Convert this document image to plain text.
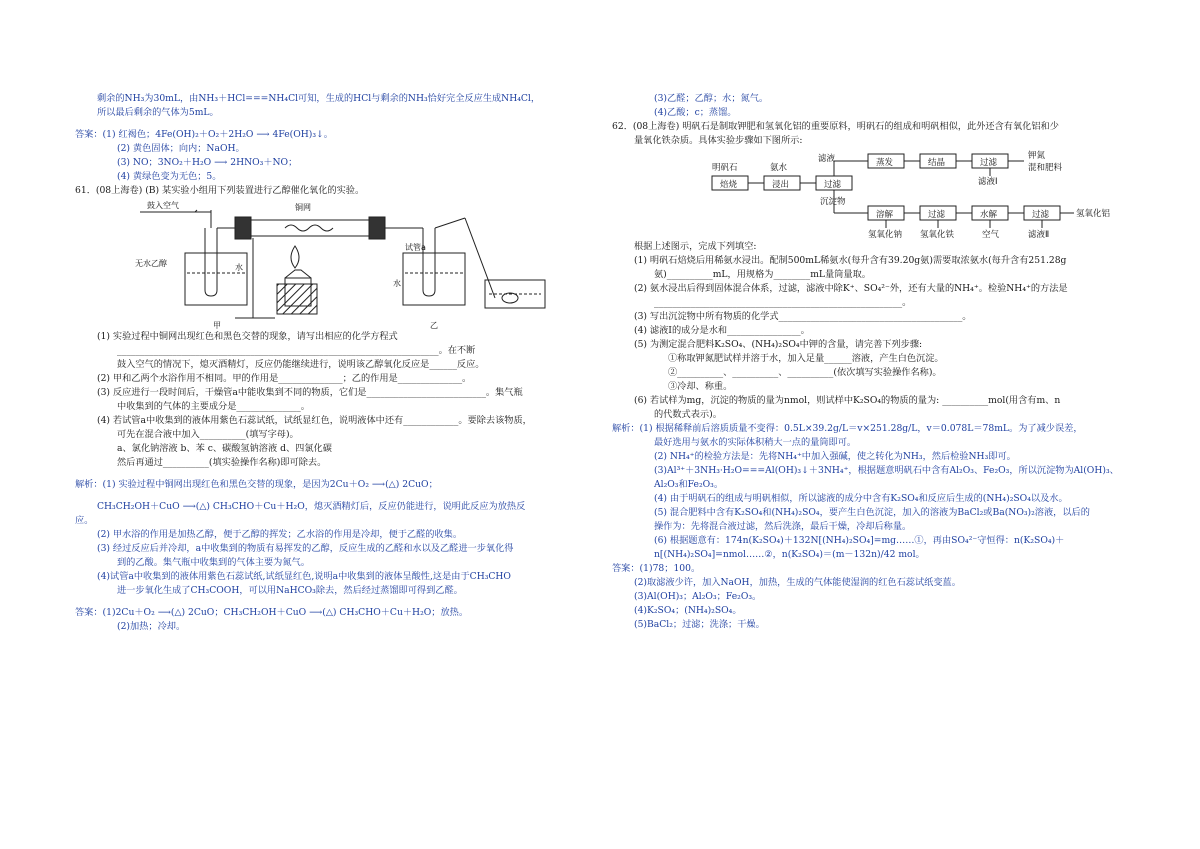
剩余的NH₃为30mL，由NH₃＋HCl===NH₄Cl可知，生成的HCl与剩余的NH₃恰好完全反应生成NH₄Cl，
所以最后剩余的气体为5mL。
答案：(1) 红褐色；4Fe(OH)₂＋O₂＋2H₂O ⟶ 4Fe(OH)₃↓。
(2) 黄色固体；向内；NaOH。
(3) NO；3NO₂＋H₂O ⟶ 2HNO₃＋NO；
(4) 黄绿色变为无色；5。
61．(08上海卷) (B) 某实验小组用下列装置进行乙醇催化氧化的实验。
鼓入空气	铜网
试管a
无水乙醇	水
水
甲	乙
(1) 实验过程中铜网出现红色和黑色交替的现象，请写出相应的化学方程式
______________________________________________________________________。在不断
鼓入空气的情况下，熄灭酒精灯，反应仍能继续进行，说明该乙醇氧化反应是______反应。
(2) 甲和乙两个水浴作用不相同。甲的作用是______________；乙的作用是______________。
(3) 反应进行一段时间后，干燥管a中能收集到不同的物质，它们是__________________________。集气瓶
中收集到的气体的主要成分是______________。
(4) 若试管a中收集到的液体用紫色石蕊试纸，试纸显红色，说明液体中还有____________。要除去该物质，
可先在混合液中加入__________(填写字母)。
a、氯化钠溶液 b、苯 c、碳酸氢钠溶液 d、四氯化碳
然后再通过__________(填实验操作名称)即可除去。
解析：(1) 实验过程中铜网出现红色和黑色交替的现象，是因为2Cu＋O₂ ⟶(△) 2CuO；
CH₃CH₂OH＋CuO ⟶(△) CH₃CHO＋Cu＋H₂O，熄灭酒精灯后，反应仍能进行，说明此反应为放热反
应。
(2) 甲水浴的作用是加热乙醇，便于乙醇的挥发；乙水浴的作用是冷却，便于乙醛的收集。
(3) 经过反应后并冷却，a中收集到的物质有易挥发的乙醇，反应生成的乙醛和水以及乙醛进一步氧化得
到的乙酸。集气瓶中收集到的气体主要为氮气。
(4)试管a中收集到的液体用紫色石蕊试纸,试纸显红色,说明a中收集到的液体呈酸性,这是由于CH₃CHO
进一步氧化生成了CH₃COOH，可以用NaHCO₃除去，然后经过蒸馏即可得到乙醛。
答案：(1)2Cu＋O₂ ⟶(△) 2CuO；CH₃CH₂OH＋CuO ⟶(△) CH₃CHO＋Cu＋H₂O；放热。
(2)加热；冷却。
(3)乙醛；乙醇；水；氮气。
(4)乙酸；c；蒸馏。
62．(08上海卷) 明矾石是制取钾肥和氢氧化铝的重要原料，明矾石的组成和明矾相似，此外还含有氧化铝和少
量氧化铁杂质。具体实验步骤如下图所示:
明矾石	氨水
滤液	钾氮
混和肥料
焙烧	浸出	过滤
蒸发	结晶	过滤
溶解	过滤	水解	过滤
滤液Ⅰ
沉淀物
氢氧化钠 氢氧化铁	空气	滤液Ⅱ
氢氧化铝
根据上述图示，完成下列填空:
(1) 明矾石焙烧后用稀氨水浸出。配制500mL稀氨水(每升含有39.20g氨)需要取浓氨水(每升含有251.28g
氨)__________mL，用规格为________mL量筒量取。
(2) 氨水浸出后得到固体混合体系，过滤，滤液中除K⁺、SO₄²⁻外，还有大量的NH₄⁺。检验NH₄⁺的方法是
______________________________________________________。
(3) 写出沉淀物中所有物质的化学式________________________________________。
(4) 滤液Ⅰ的成分是水和________________。
(5) 为测定混合肥料K₂SO₄、(NH₄)₂SO₄中钾的含量，请完善下列步骤:
①称取钾氮肥试样并溶于水，加入足量______溶液，产生白色沉淀。
②__________、__________、__________(依次填写实验操作名称)。
③冷却、称重。
(6) 若试样为mg，沉淀的物质的量为nmol，则试样中K₂SO₄的物质的量为: __________mol(用含有m、n
的代数式表示)。
解析：(1) 根据稀释前后溶质质量不变得：0.5L×39.2g/L＝v×251.28g/L，v＝0.078L＝78mL。为了减少误差，
最好选用与氨水的实际体积稍大一点的量筒即可。
(2) NH₄⁺的检验方法是：先将NH₄⁺中加入强碱，使之转化为NH₃，然后检验NH₃即可。
(3)Al³⁺＋3NH₃·H₂O===Al(OH)₃↓＋3NH₄⁺，根据题意明矾石中含有Al₂O₃、Fe₂O₃，所以沉淀物为Al(OH)₃、
Al₂O₃和Fe₂O₃。
(4) 由于明矾石的组成与明矾相似，所以滤液的成分中含有K₂SO₄和反应后生成的(NH₄)₂SO₄以及水。
(5) 混合肥料中含有K₂SO₄和(NH₄)₂SO₄，要产生白色沉淀，加入的溶液为BaCl₂或Ba(NO₃)₂溶液，以后的
操作为：先将混合液过滤，然后洗涤，最后干燥，冷却后称量。
(6) 根据题意有：174n(K₂SO₄)＋132N[(NH₄)₂SO₄]=mg……①，再由SO₄²⁻守恒得：n(K₂SO₄)＋
n[(NH₄)₂SO₄]=nmol……②，n(K₂SO₄)＝(m－132n)/42 mol。
答案：(1)78；100。
(2)取滤液少许，加入NaOH，加热，生成的气体能使湿润的红色石蕊试纸变蓝。
(3)Al(OH)₃；Al₂O₃；Fe₂O₃。
(4)K₂SO₄；(NH₄)₂SO₄。
(5)BaCl₂；过滤；洗涤；干燥。
